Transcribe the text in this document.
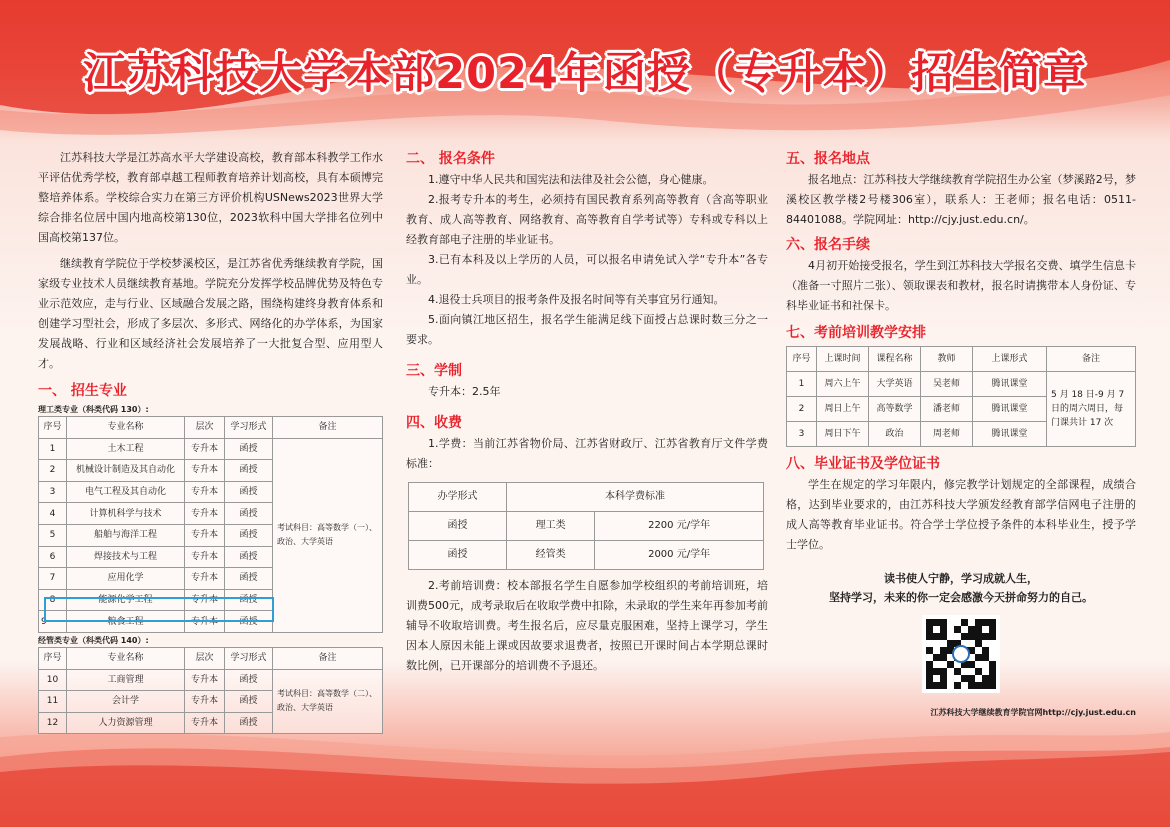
江苏科技大学本部2024年函授（专升本）招生简章

江苏科技大学是江苏高水平大学建设高校，教育部本科教学工作水平评估优秀学校，教育部卓越工程师教育培养计划高校，具有本硕博完整培养体系。学校综合实力在第三方评价机构USNews2023世界大学综合排名位居中国内地高校第130位，2023软科中国大学排名位列中国高校第137位。

继续教育学院位于学校梦溪校区，是江苏省优秀继续教育学院，国家级专业技术人员继续教育基地。学院充分发挥学校品牌优势及特色专业示范效应，走与行业、区域融合发展之路，围绕构建终身教育体系和创建学习型社会，形成了多层次、多形式、网络化的办学体系，为国家发展战略、行业和区域经济社会发展培养了一大批复合型、应用型人才。

一、 招生专业
理工类专业（科类代码 130）:
序号	专业名称	层次	学习形式	备注
1	土木工程	专升本	函授	考试科目：高等数学（一）、政治、大学英语
2	机械设计制造及其自动化	专升本	函授	
3	电气工程及其自动化	专升本	函授	
4	计算机科学与技术	专升本	函授	
5	船舶与海洋工程	专升本	函授	
6	焊接技术与工程	专升本	函授	
7	应用化学	专升本	函授	
8	能源化学工程	专升本	函授	
9	粮食工程	专升本	函授	
经管类专业（科类代码 140）:
序号	专业名称	层次	学习形式	备注
10	工商管理	专升本	函授	考试科目：高等数学（二）、政治、大学英语
11	会计学	专升本	函授	
12	人力资源管理	专升本	函授	
二、 报名条件

1.遵守中华人民共和国宪法和法律及社会公德，身心健康。

2.报考专升本的考生，必须持有国民教育系列高等教育（含高等职业教育、成人高等教育、网络教育、高等教育自学考试等）专科或专科以上经教育部电子注册的毕业证书。

3.已有本科及以上学历的人员，可以报名申请免试入学“专升本”各专业。

4.退役士兵项目的报考条件及报名时间等有关事宜另行通知。

5.面向镇江地区招生，报名学生能满足线下面授占总课时数三分之一要求。

三、学制

专升本：2.5年

四、收费

1.学费：当前江苏省物价局、江苏省财政厅、江苏省教育厅文件学费标准：

办学形式	本科学费标准	
函授	理工类	2200 元/学年
函授	经管类	2000 元/学年

2.考前培训费：校本部报名学生自愿参加学校组织的考前培训班，培训费500元，成考录取后在收取学费中扣除，未录取的学生来年再参加考前辅导不收取培训费。考生报名后，应尽量克服困难，坚持上课学习，学生因本人原因未能上课或因故要求退费者，按照已开课时间占本学期总课时数比例，已开课部分的培训费不予退还。

五、报名地点

报名地点：江苏科技大学继续教育学院招生办公室（梦溪路2号，梦溪校区教学楼2号楼306室），联系人：王老师；报名电话：0511-84401088。学院网址：http://cjy.just.edu.cn/。

六、报名手续

4月初开始接受报名，学生到江苏科技大学报名交费、填学生信息卡（准备一寸照片二张）、领取课表和教材，报名时请携带本人身份证、专科毕业证书和社保卡。

七、考前培训教学安排
序号	上课时间	课程名称	教师	上课形式	备注
1	周六上午	大学英语	吴老师	腾讯课堂	5 月 18 日-9 月 7 日的周六周日，每门课共计 17 次
2	周日上午	高等数学	潘老师	腾讯课堂	
3	周日下午	政治	周老师	腾讯课堂	
八、毕业证书及学位证书

学生在规定的学习年限内，修完教学计划规定的全部课程，成绩合格，达到毕业要求的，由江苏科技大学颁发经教育部学信网电子注册的成人高等教育毕业证书。符合学士学位授予条件的本科毕业生，授予学士学位。

读书使人宁静，学习成就人生，
坚持学习，未来的你一定会感激今天拼命努力的自己。
江苏科技大学继续教育学院官网http://cjy.just.edu.cn
